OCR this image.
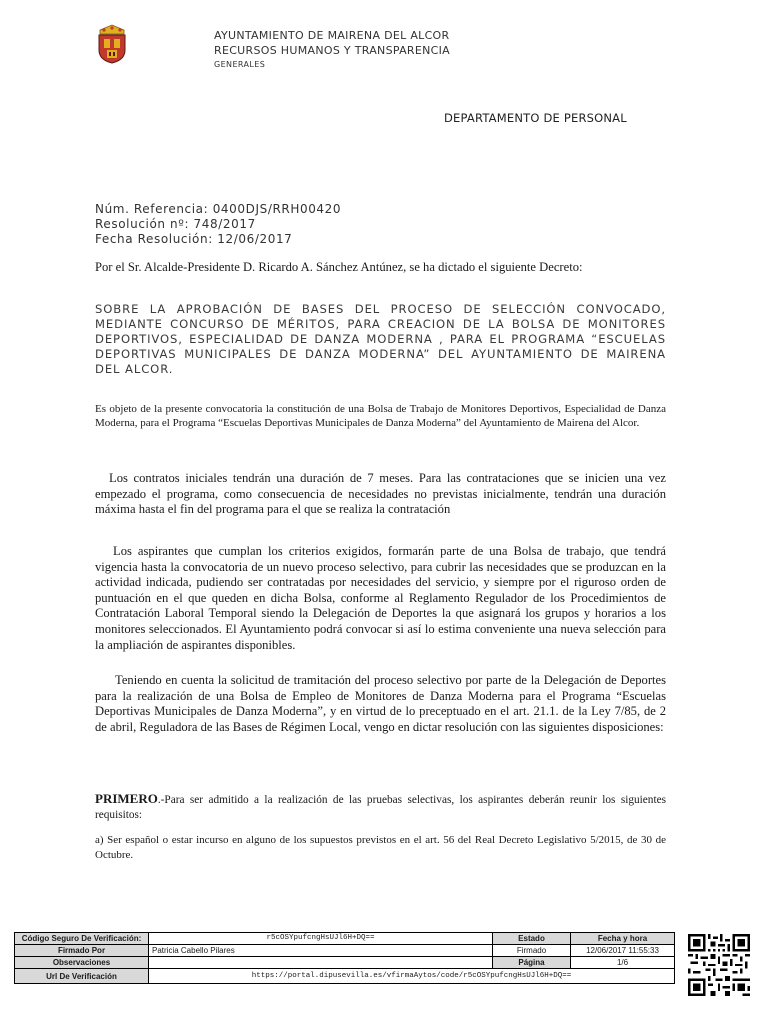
AYUNTAMIENTO DE MAIRENA DEL ALCOR
RECURSOS HUMANOS Y TRANSPARENCIA
GENERALES
DEPARTAMENTO DE PERSONAL
Núm. Referencia: 0400DJS/RRH00420
Resolución nº: 748/2017
Fecha Resolución: 12/06/2017
Por el Sr. Alcalde-Presidente D. Ricardo A. Sánchez Antúnez, se ha dictado el siguiente Decreto:
SOBRE LA APROBACIÓN DE BASES DEL PROCESO DE SELECCIÓN CONVOCADO, MEDIANTE CONCURSO DE MÉRITOS, PARA CREACION DE LA BOLSA DE MONITORES DEPORTIVOS, ESPECIALIDAD DE DANZA MODERNA , PARA EL PROGRAMA “ESCUELAS DEPORTIVAS MUNICIPALES DE DANZA MODERNA” DEL AYUNTAMIENTO DE MAIRENA DEL ALCOR.
Es objeto de la presente convocatoria la constitución de una Bolsa de Trabajo de Monitores Deportivos, Especialidad de Danza Moderna, para el Programa “Escuelas Deportivas Municipales de Danza Moderna” del Ayuntamiento de Mairena del Alcor.
Los contratos iniciales tendrán una duración de 7 meses. Para las contrataciones que se inicien una vez empezado el programa, como consecuencia de necesidades no previstas inicialmente, tendrán una duración máxima hasta el fin del programa para el que se realiza la contratación
Los aspirantes que cumplan los criterios exigidos, formarán parte de una Bolsa de trabajo, que tendrá vigencia hasta la convocatoria de un nuevo proceso selectivo, para cubrir las necesidades que se produzcan en la actividad indicada, pudiendo ser contratadas por necesidades del servicio, y siempre por el riguroso orden de puntuación en el que queden en dicha Bolsa, conforme al Reglamento Regulador de los Procedimientos de Contratación Laboral Temporal siendo la Delegación de Deportes la que asignará los grupos y horarios a los monitores seleccionados. El Ayuntamiento podrá convocar si así lo estima conveniente una nueva selección para la ampliación de aspirantes disponibles.
Teniendo en cuenta la solicitud de tramitación del proceso selectivo por parte de la Delegación de Deportes para la realización de una Bolsa de Empleo de Monitores de Danza Moderna para el Programa “Escuelas Deportivas Municipales de Danza Moderna”, y en virtud de lo preceptuado en el art. 21.1. de la Ley 7/85, de 2 de abril, Reguladora de las Bases de Régimen Local, vengo en dictar resolución con las siguientes disposiciones:
PRIMERO.-Para ser admitido a la realización de las pruebas selectivas, los aspirantes deberán reunir los siguientes requisitos:
a) Ser español o estar incurso en alguno de los supuestos previstos en el art. 56 del Real Decreto Legislativo 5/2015, de 30 de Octubre.
Código Seguro De Verificación:	r5cOSYpufcngHsUJl6H+DQ==	Estado	Fecha y hora
Firmado Por	Patricia Cabello Pilares	Firmado	12/06/2017 11:55:33
Observaciones		Página	1/6
Url De Verificación	https://portal.dipusevilla.es/vfirmaAytos/code/r5cOSYpufcngHsUJl6H+DQ==		
